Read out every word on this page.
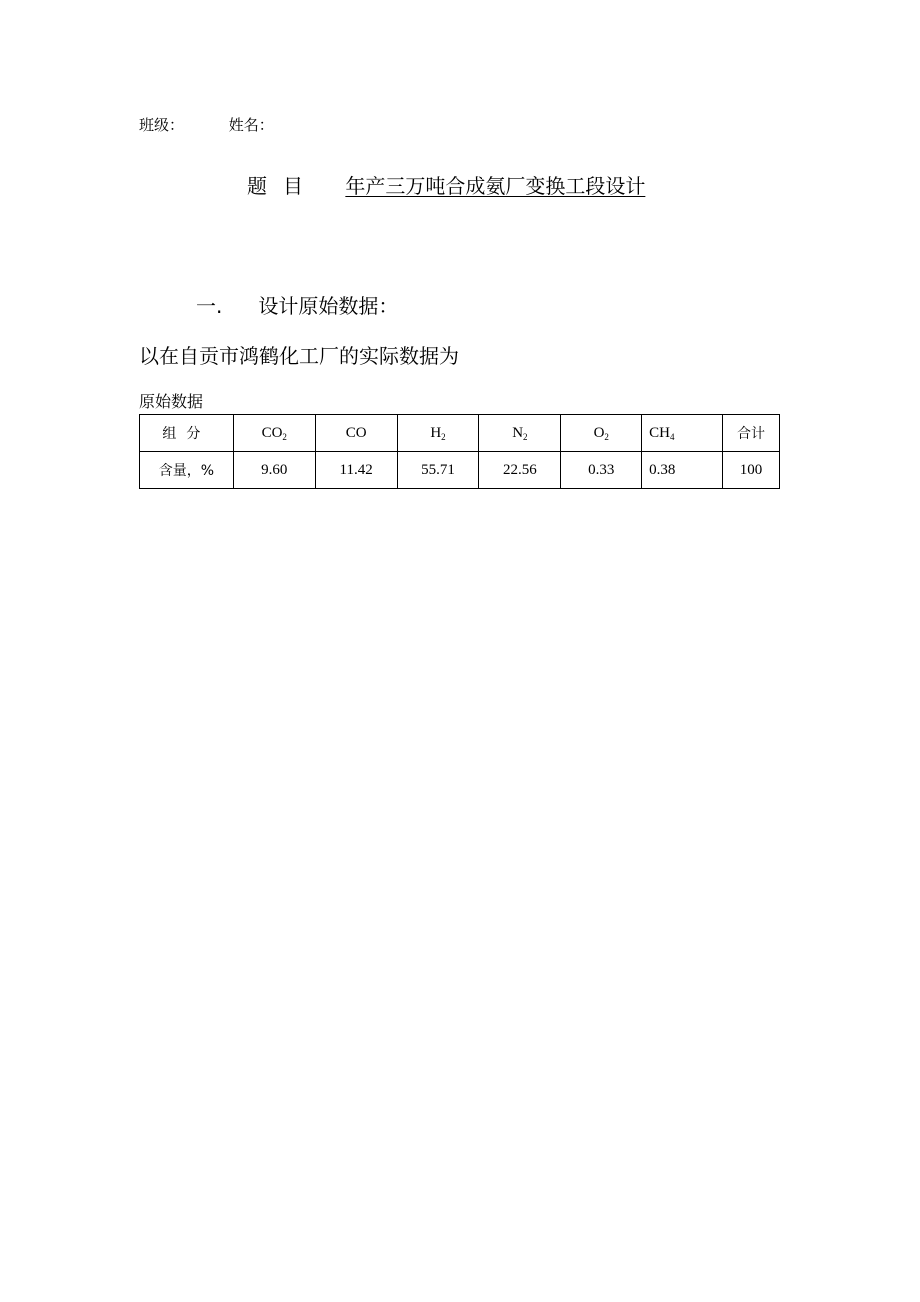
班级：	姓名：
题目 年产三万吨合成氨厂变换工段设计
一. 设计原始数据：
以在自贡市鸿鹤化工厂的实际数据为
原始数据
组分	$CO_2$	CO	$H_2$	$N_2$	$O_2$	$CH_4$	合计
含量，%	9.60	11.42	55.71	22.56	0.33	0.38	100
